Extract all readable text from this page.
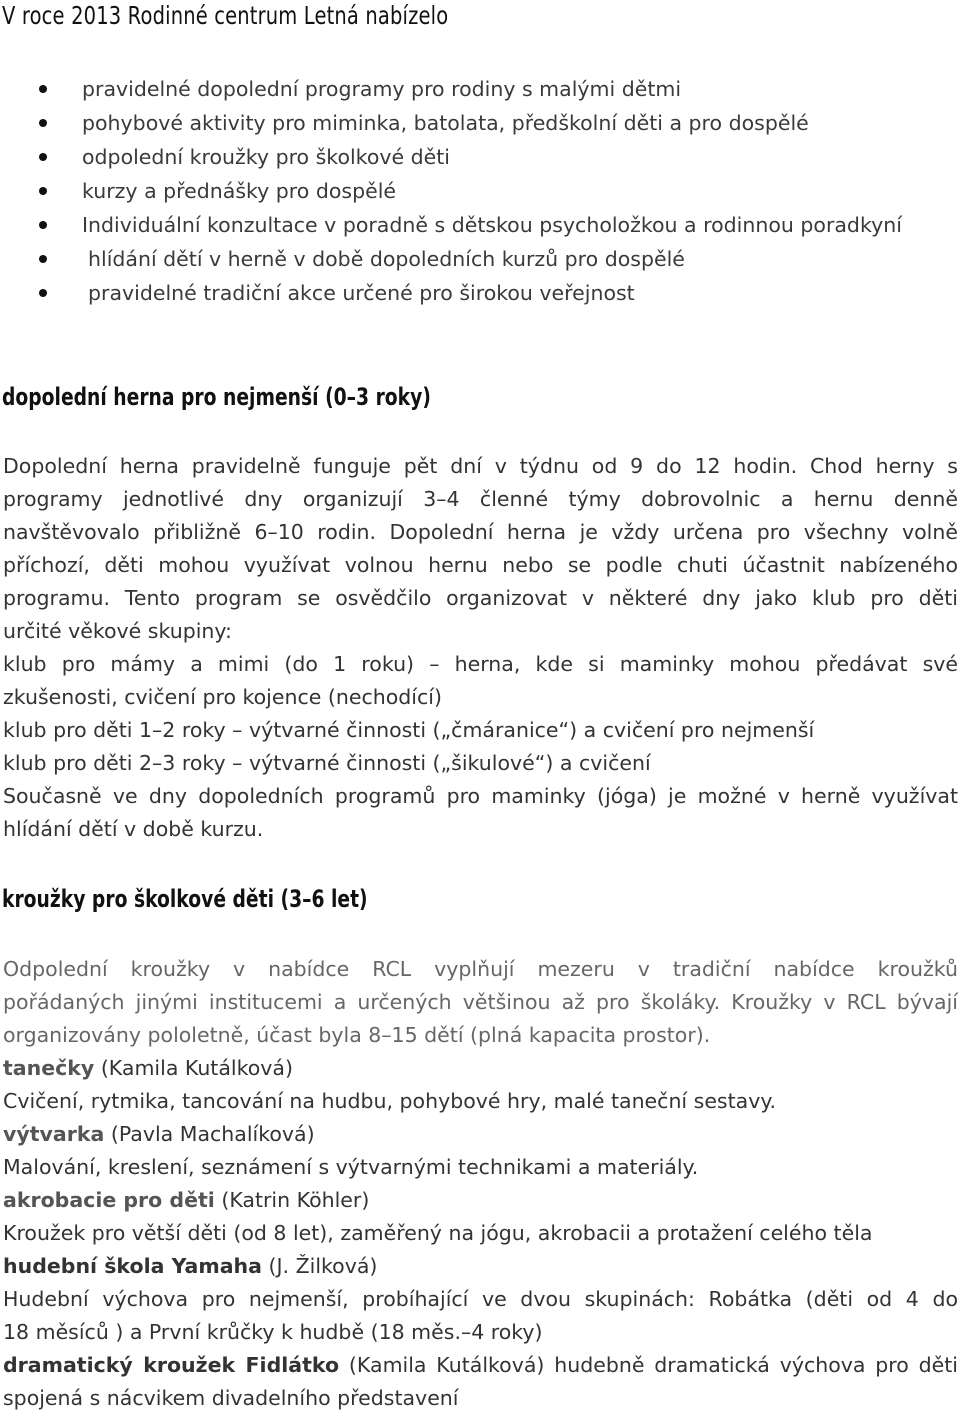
V roce 2013 Rodinné centrum Letná nabízelo
pravidelné dopolední programy pro rodiny s malými dětmi
pohybové aktivity pro miminka, batolata, předškolní děti a pro dospělé
odpolední kroužky pro školkové děti
kurzy a přednášky pro dospělé
Individuální konzultace v poradně s dětskou psycholožkou a rodinnou poradkyní
hlídání dětí v herně v době dopoledních kurzů pro dospělé
pravidelné tradiční akce určené pro širokou veřejnost
dopolední herna pro nejmenší (0–3 roky)
Dopolední herna pravidelně funguje pět dní v týdnu od 9 do 12 hodin. Chod herny s
programy jednotlivé dny organizují 3–4 členné týmy dobrovolnic a hernu denně
navštěvovalo přibližně 6–10 rodin. Dopolední herna je vždy určena pro všechny volně
příchozí, děti mohou využívat volnou hernu nebo se podle chuti účastnit nabízeného
programu. Tento program se osvědčilo organizovat v některé dny jako klub pro děti
určité věkové skupiny:
klub pro mámy a mimi (do 1 roku) – herna, kde si maminky mohou předávat své
zkušenosti, cvičení pro kojence (nechodící)
klub pro děti 1–2 roky – výtvarné činnosti („čmáranice“) a cvičení pro nejmenší
klub pro děti 2–3 roky – výtvarné činnosti („šikulové“) a cvičení
Současně ve dny dopoledních programů pro maminky (jóga) je možné v herně využívat
hlídání dětí v době kurzu.
kroužky pro školkové děti (3–6 let)
Odpolední kroužky v nabídce RCL vyplňují mezeru v tradiční nabídce kroužků
pořádaných jinými institucemi a určených většinou až pro školáky. Kroužky v RCL bývají
organizovány pololetně, účast byla 8–15 dětí (plná kapacita prostor).
tanečky (Kamila Kutálková)
Cvičení, rytmika, tancování na hudbu, pohybové hry, malé taneční sestavy.
výtvarka (Pavla Machalíková)
Malování, kreslení, seznámení s výtvarnými technikami a materiály.
akrobacie pro děti (Katrin Köhler)
Kroužek pro větší děti (od 8 let), zaměřený na jógu, akrobacii a protažení celého těla
hudební škola Yamaha (J. Žilková)
Hudební výchova pro nejmenší, probíhající ve dvou skupinách: Robátka (děti od 4 do
18 měsíců ) a První krůčky k hudbě (18 měs.–4 roky)
dramatický kroužek Fidlátko (Kamila Kutálková) hudebně dramatická výchova pro děti
spojená s nácvikem divadelního představení
